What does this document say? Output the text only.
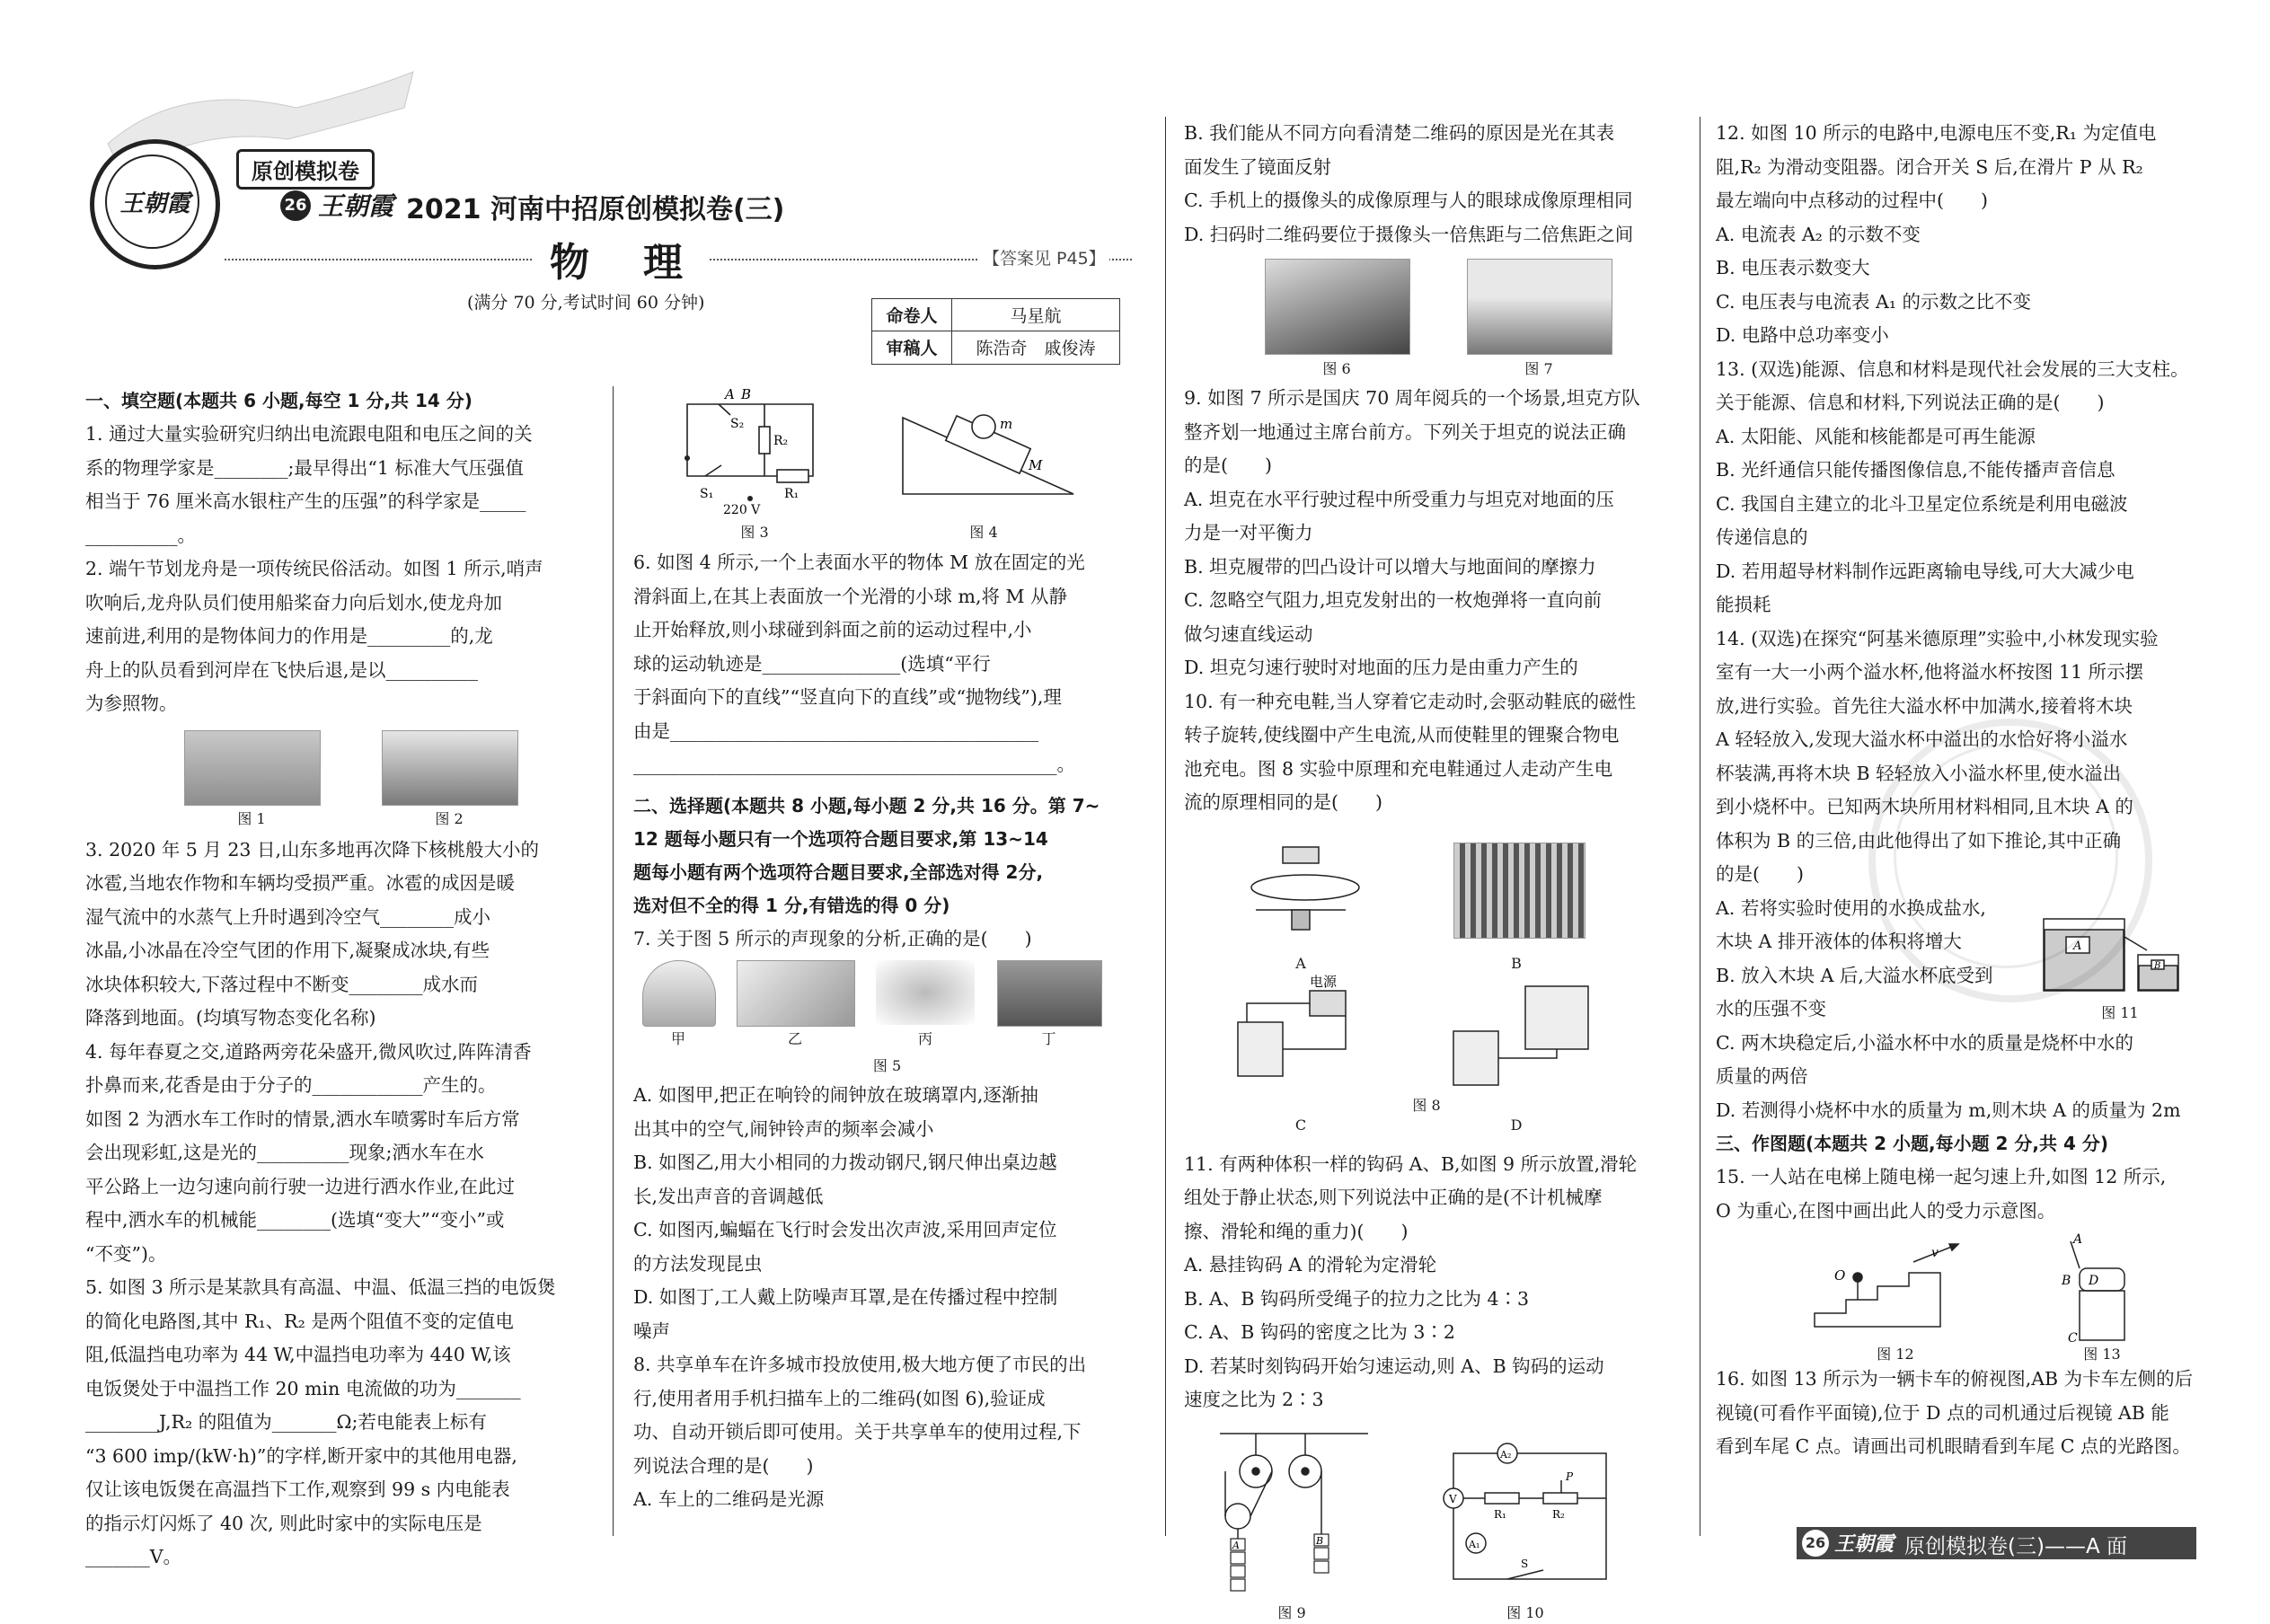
王朝霞
原创模拟卷
26 王朝霞 2021 河南中招原创模拟卷(三)
物　理	【答案见 P45】
(满分 70 分,考试时间 60 分钟)
命卷人	马星航
审稿人	陈浩奇　戚俊涛
一、填空题(本题共 6 小题,每空 1 分,共 14 分)

1. 通过大量实验研究归纳出电流跟电阻和电压之间的关

系的物理学家是________;最早得出“1 标准大气压强值

相当于 76 厘米高水银柱产生的压强”的科学家是_____

__________。

2. 端午节划龙舟是一项传统民俗活动。如图 1 所示,哨声

吹响后,龙舟队员们使用船桨奋力向后划水,使龙舟加

速前进,利用的是物体间力的作用是_________的,龙

舟上的队员看到河岸在飞快后退,是以__________

为参照物。

图 1	图 2

3. 2020 年 5 月 23 日,山东多地再次降下核桃般大小的

冰雹,当地农作物和车辆均受损严重。冰雹的成因是暖

湿气流中的水蒸气上升时遇到冷空气________成小

冰晶,小冰晶在冷空气团的作用下,凝聚成冰块,有些

冰块体积较大,下落过程中不断变________成水而

降落到地面。(均填写物态变化名称)

4. 每年春夏之交,道路两旁花朵盛开,微风吹过,阵阵清香

扑鼻而来,花香是由于分子的____________产生的。

如图 2 为洒水车工作时的情景,洒水车喷雾时车后方常

会出现彩虹,这是光的__________现象;洒水车在水

平公路上一边匀速向前行驶一边进行洒水作业,在此过

程中,洒水车的机械能________(选填“变大”“变小”或

“不变”)。

5. 如图 3 所示是某款具有高温、中温、低温三挡的电饭煲

的简化电路图,其中 R₁、R₂ 是两个阻值不变的定值电

阻,低温挡电功率为 44 W,中温挡电功率为 440 W,该

电饭煲处于中温挡工作 20 min 电流做的功为_______

________J,R₂ 的阻值为_______Ω;若电能表上标有

“3 600 imp/(kW·h)”的字样,断开家中的其他用电器,

仅让该电饭煲在高温挡下工作,观察到 99 s 内电能表

的指示灯闪烁了 40 次, 则此时家中的实际电压是

_______V。

A B
S₂
R₂
R₁
S₁
220 V
图 3
m
M
图 4

6. 如图 4 所示,一个上表面水平的物体 M 放在固定的光

滑斜面上,在其上表面放一个光滑的小球 m,将 M 从静

止开始释放,则小球碰到斜面之前的运动过程中,小

球的运动轨迹是_______________(选填“平行

于斜面向下的直线”“竖直向下的直线”或“抛物线”),理

由是________________________________________

______________________________________________。

二、选择题(本题共 8 小题,每小题 2 分,共 16 分。第 7~
12 题每小题只有一个选项符合题目要求,第 13~14
题每小题有两个选项符合题目要求,全部选对得 2分,
选对但不全的得 1 分,有错选的得 0 分)
7. 关于图 5 所示的声现象的分析,正确的是(　　)
甲	乙	丙	丁
图 5

A. 如图甲,把正在响铃的闹钟放在玻璃罩内,逐渐抽

出其中的空气,闹钟铃声的频率会减小

B. 如图乙,用大小相同的力拨动钢尺,钢尺伸出桌边越

长,发出声音的音调越低

C. 如图丙,蝙蝠在飞行时会发出次声波,采用回声定位

的方法发现昆虫

D. 如图丁,工人戴上防噪声耳罩,是在传播过程中控制

噪声

8. 共享单车在许多城市投放使用,极大地方便了市民的出

行,使用者用手机扫描车上的二维码(如图 6),验证成

功、自动开锁后即可使用。关于共享单车的使用过程,下

列说法合理的是(　　)

A. 车上的二维码是光源

B. 我们能从不同方向看清楚二维码的原因是光在其表

面发生了镜面反射

C. 手机上的摄像头的成像原理与人的眼球成像原理相同

D. 扫码时二维码要位于摄像头一倍焦距与二倍焦距之间

图 6	图 7

9. 如图 7 所示是国庆 70 周年阅兵的一个场景,坦克方队

整齐划一地通过主席台前方。下列关于坦克的说法正确

的是(　　)

A. 坦克在水平行驶过程中所受重力与坦克对地面的压

力是一对平衡力

B. 坦克履带的凹凸设计可以增大与地面间的摩擦力

C. 忽略空气阻力,坦克发射出的一枚炮弹将一直向前

做匀速直线运动

D. 坦克匀速行驶时对地面的压力是由重力产生的

10. 有一种充电鞋,当人穿着它走动时,会驱动鞋底的磁性

转子旋转,使线圈中产生电流,从而使鞋里的锂聚合物电

池充电。图 8 实验中原理和充电鞋通过人走动产生电

流的原理相同的是(　　)

A	B
电源
C	D
图 8

11. 有两种体积一样的钩码 A、B,如图 9 所示放置,滑轮

组处于静止状态,则下列说法中正确的是(不计机械摩

擦、滑轮和绳的重力)(　　)

A. 悬挂钩码 A 的滑轮为定滑轮

B. A、B 钩码所受绳子的拉力之比为 4∶3

C. A、B 钩码的密度之比为 3∶2

D. 若某时刻钩码开始匀速运动,则 A、B 钩码的运动

速度之比为 2∶3

A	B
A₂
V
R₁	R₂
P
A₁
S
图 9	图 10

12. 如图 10 所示的电路中,电源电压不变,R₁ 为定值电

阻,R₂ 为滑动变阻器。闭合开关 S 后,在滑片 P 从 R₂

最左端向中点移动的过程中(　　)

A. 电流表 A₂ 的示数不变

B. 电压表示数变大

C. 电压表与电流表 A₁ 的示数之比不变

D. 电路中总功率变小

13. (双选)能源、信息和材料是现代社会发展的三大支柱。

关于能源、信息和材料,下列说法正确的是(　　)

A. 太阳能、风能和核能都是可再生能源

B. 光纤通信只能传播图像信息,不能传播声音信息

C. 我国自主建立的北斗卫星定位系统是利用电磁波

传递信息的

D. 若用超导材料制作远距离输电导线,可大大减少电

能损耗

14. (双选)在探究“阿基米德原理”实验中,小林发现实验

室有一大一小两个溢水杯,他将溢水杯按图 11 所示摆

放,进行实验。首先往大溢水杯中加满水,接着将木块

A 轻轻放入,发现大溢水杯中溢出的水恰好将小溢水

杯装满,再将木块 B 轻轻放入小溢水杯里,使水溢出

到小烧杯中。已知两木块所用材料相同,且木块 A 的

体积为 B 的三倍,由此他得出了如下推论,其中正确

的是(　　)

A. 若将实验时使用的水换成盐水,

木块 A 排开液体的体积将增大

B. 放入木块 A 后,大溢水杯底受到

水的压强不变

A
B
图 11

C. 两木块稳定后,小溢水杯中水的质量是烧杯中水的

质量的两倍

D. 若测得小烧杯中水的质量为 m,则木块 A 的质量为 2m

三、作图题(本题共 2 小题,每小题 2 分,共 4 分)

15. 一人站在电梯上随电梯一起匀速上升,如图 12 所示,

O 为重心,在图中画出此人的受力示意图。

O
v
B
A
D
C
图 12	图 13

16. 如图 13 所示为一辆卡车的俯视图,AB 为卡车左侧的后

视镜(可看作平面镜),位于 D 点的司机通过后视镜 AB 能

看到车尾 C 点。请画出司机眼睛看到车尾 C 点的光路图。

26 王朝霞 原创模拟卷(三)——A 面
